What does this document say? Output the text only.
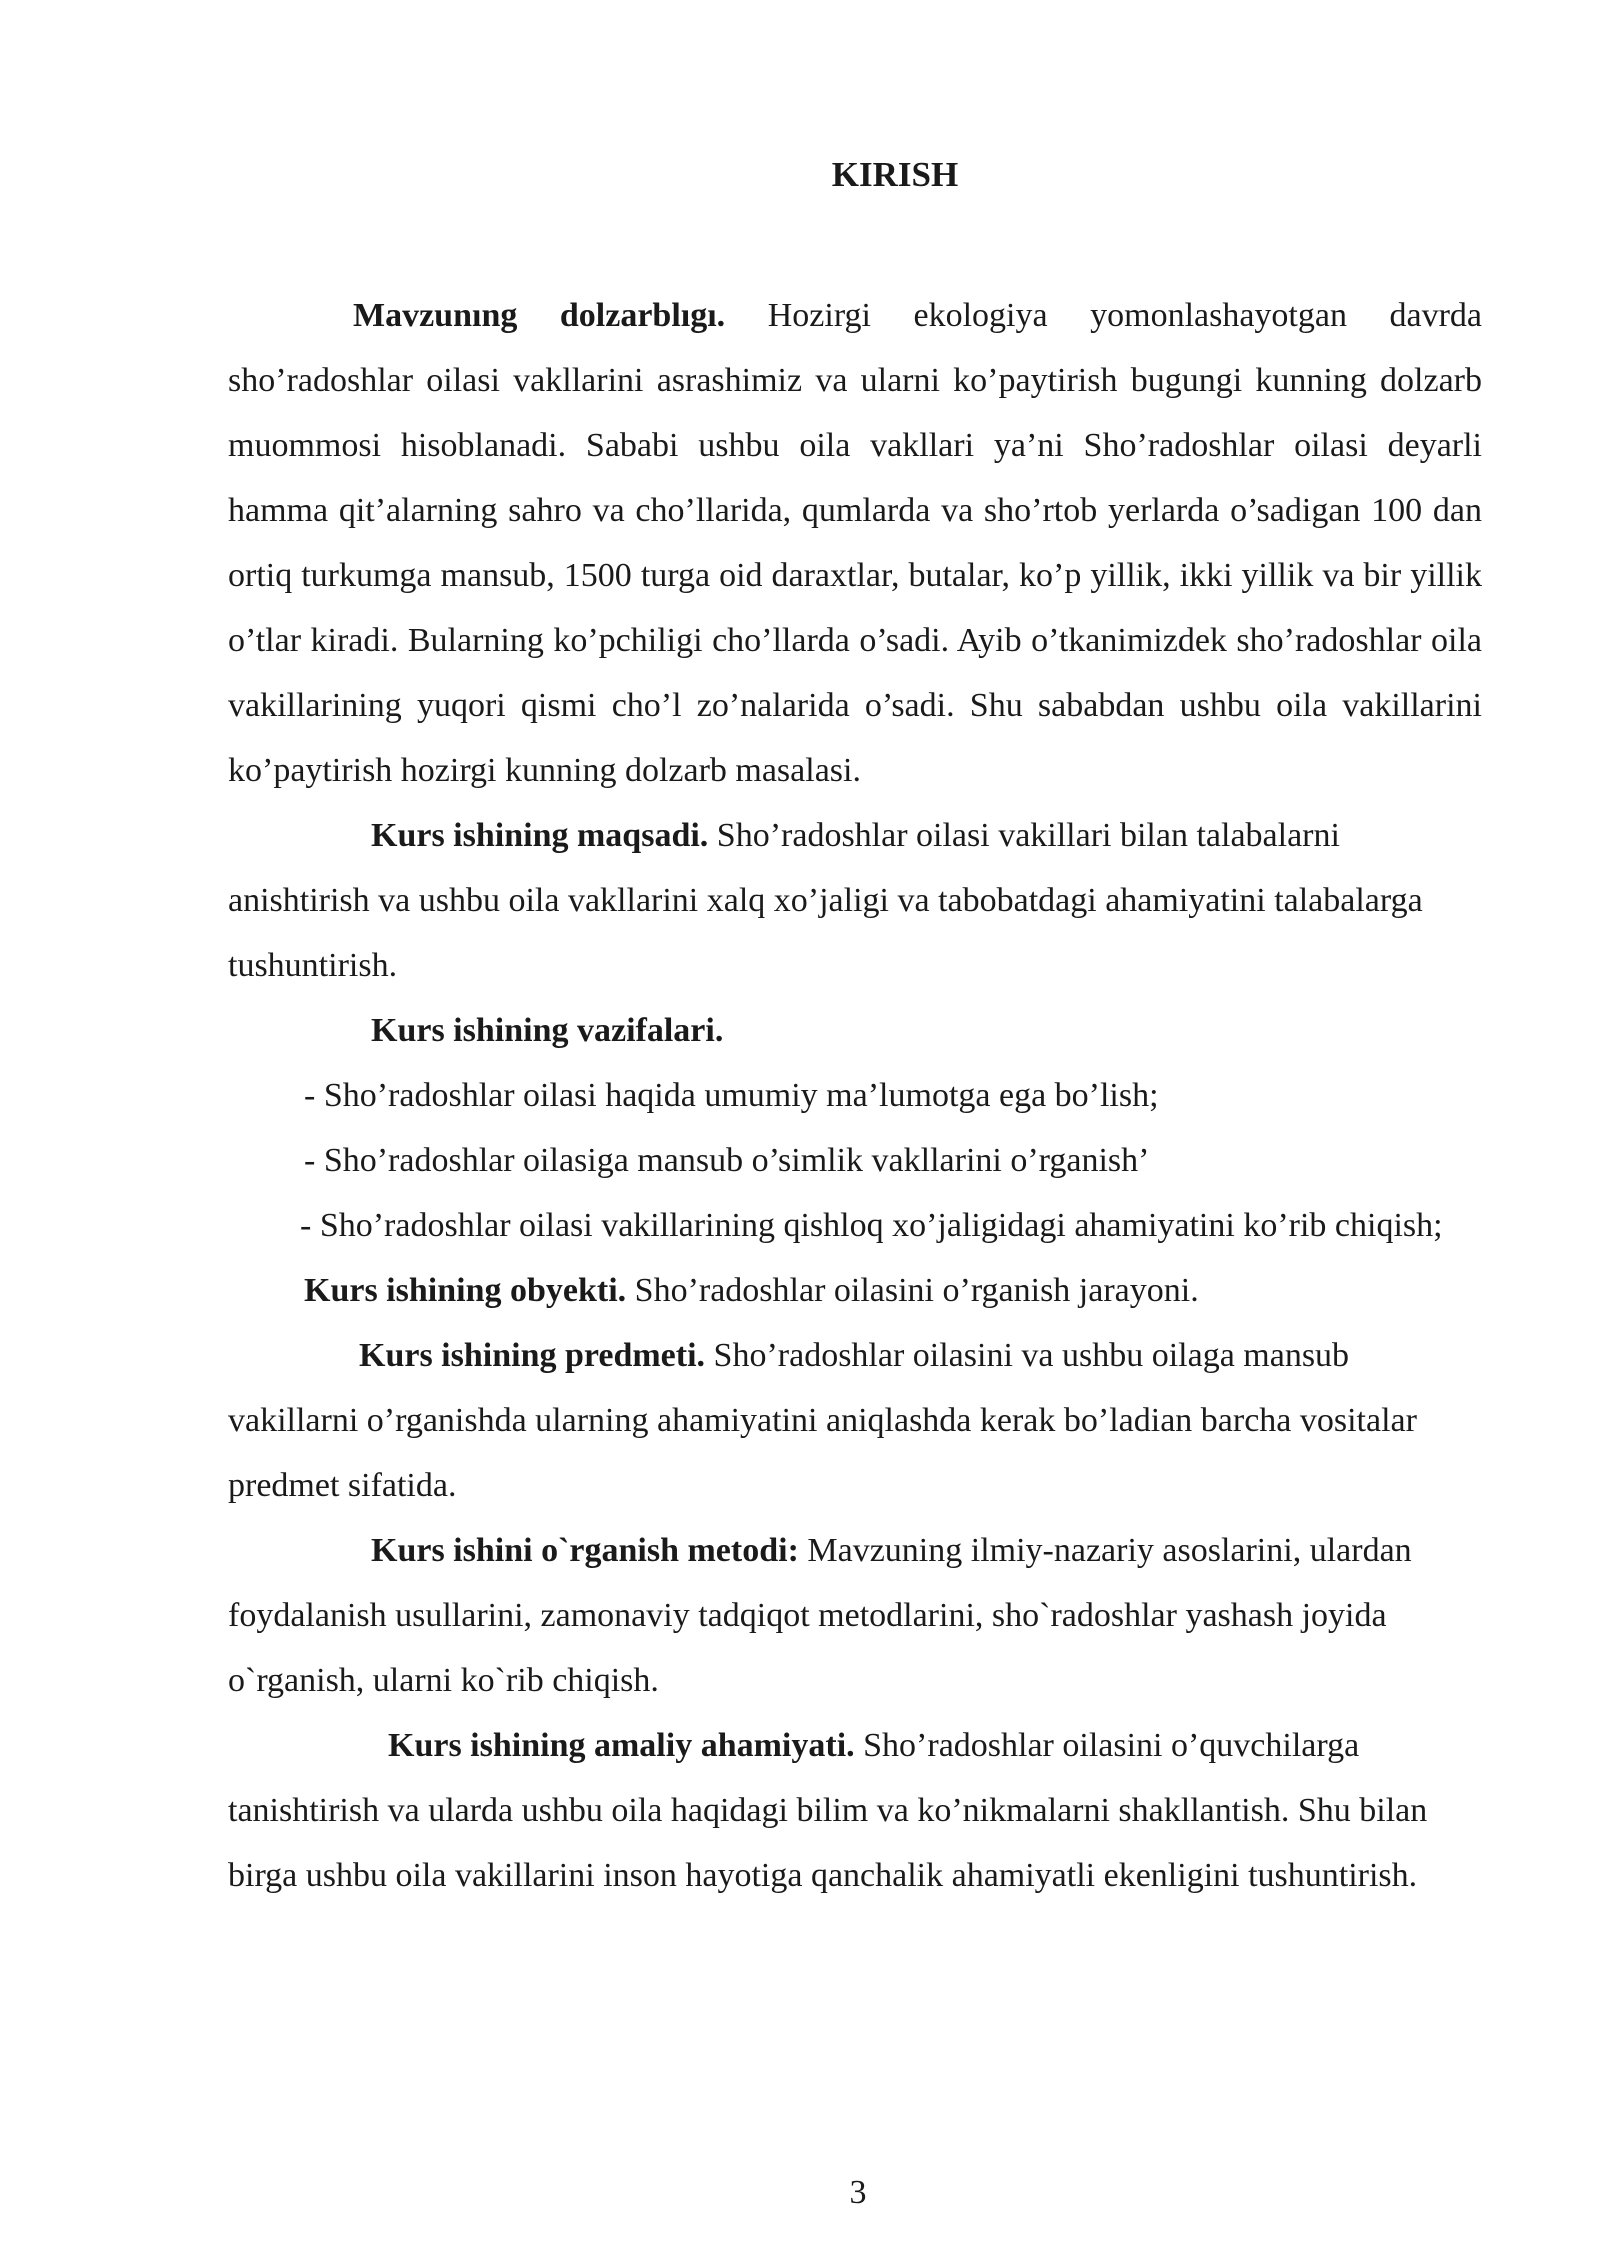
KIRISH

Mavzunıng dolzarblıgı. Hozirgi ekologiya yomonlashayotgan davrda sho’radoshlar oilasi vakllarini asrashimiz va ularni ko’paytirish bugungi kunning dolzarb muommosi hisoblanadi. Sababi ushbu oila vakllari ya’ni Sho’radoshlar oilasi deyarli hamma qit’alarning sahro va cho’llarida, qumlarda va sho’rtob yerlarda o’sadigan 100 dan ortiq turkumga mansub, 1500 turga oid daraxtlar, butalar, ko’p yillik, ikki yillik va bir yillik o’tlar kiradi. Bularning ko’pchiligi cho’llarda o’sadi. Ayib o’tkanimizdek sho’radoshlar oila vakillarining yuqori qismi cho’l zo’nalarida o’sadi. Shu sababdan ushbu oila vakillarini ko’paytirish hozirgi kunning dolzarb masalasi.

Kurs ishining maqsadi. Sho’radoshlar oilasi vakillari bilan talabalarni anishtirish va ushbu oila vakllarini xalq xo’jaligi va tabobatdagi ahamiyatini talabalarga tushuntirish.

Kurs ishining vazifalari.

- Sho’radoshlar oilasi haqida umumiy ma’lumotga ega bo’lish;

- Sho’radoshlar oilasiga mansub o’simlik vakllarini o’rganish’

- Sho’radoshlar oilasi vakillarining qishloq xo’jaligidagi ahamiyatini ko’rib chiqish;

Kurs ishining obyekti. Sho’radoshlar oilasini o’rganish jarayoni.

Kurs ishining predmeti. Sho’radoshlar oilasini va ushbu oilaga mansub vakillarni o’rganishda ularning ahamiyatini aniqlashda kerak bo’ladian barcha vositalar predmet sifatida.

Kurs ishini o`rganish metodi: Mavzuning ilmiy-nazariy asoslarini, ulardan foydalanish usullarini, zamonaviy tadqiqot metodlarini, sho`radoshlar yashash joyida o`rganish, ularni ko`rib chiqish.

Kurs ishining amaliy ahamiyati. Sho’radoshlar oilasini o’quvchilarga tanishtirish va ularda ushbu oila haqidagi bilim va ko’nikmalarni shakllantish. Shu bilan birga ushbu oila vakillarini inson hayotiga qanchalik ahamiyatli ekenligini tushuntirish.

3
